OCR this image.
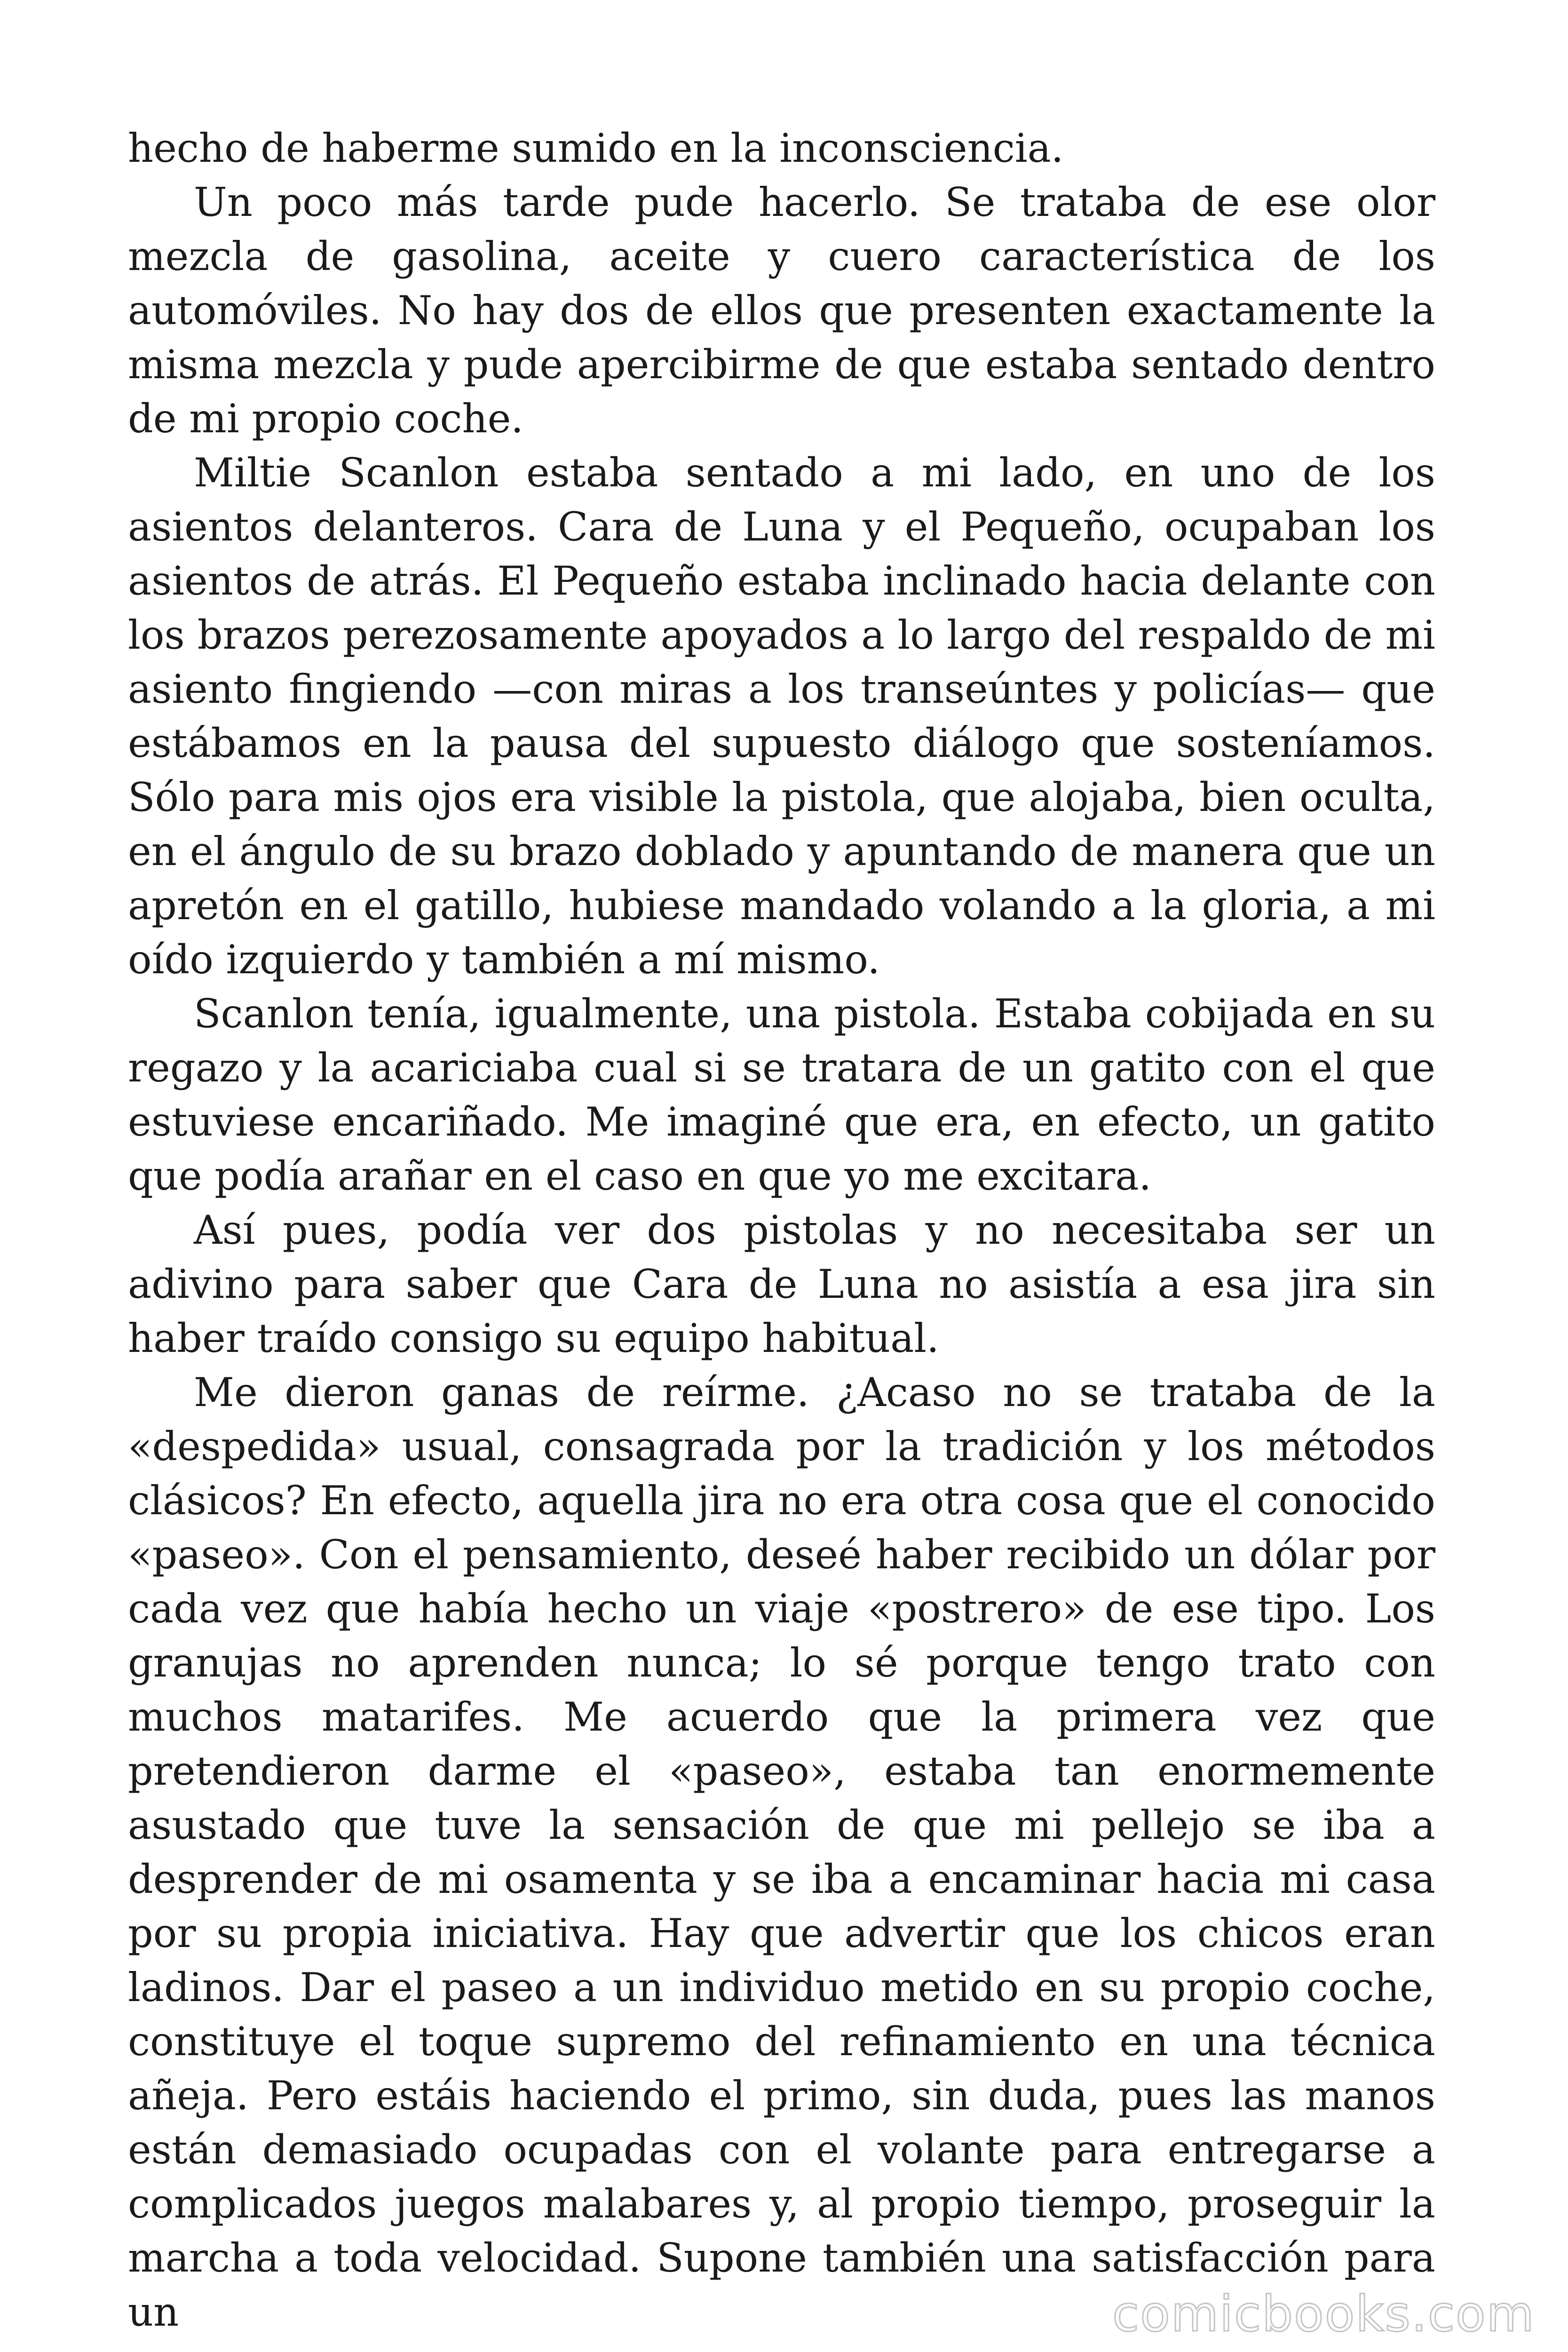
hecho de haberme sumido en la inconsciencia.

Un poco más tarde pude hacerlo. Se trataba de ese olor mezcla de gasolina, aceite y cuero característica de los automóviles. No hay dos de ellos que presenten exactamente la misma mezcla y pude apercibirme de que estaba sentado dentro de mi propio coche.

Miltie Scanlon estaba sentado a mi lado, en uno de los asientos delanteros. Cara de Luna y el Pequeño, ocupaban los asientos de atrás. El Pequeño estaba inclinado hacia delante con los brazos perezosamente apoyados a lo largo del respaldo de mi asiento fingiendo —con miras a los transeúntes y policías— que estábamos en la pausa del supuesto diálogo que sosteníamos. Sólo para mis ojos era visible la pistola, que alojaba, bien oculta, en el ángulo de su brazo doblado y apuntando de manera que un apretón en el gatillo, hubiese mandado volando a la gloria, a mi oído izquierdo y también a mí mismo.

Scanlon tenía, igualmente, una pistola. Estaba cobijada en su regazo y la acariciaba cual si se tratara de un gatito con el que estuviese encariñado. Me imaginé que era, en efecto, un gatito que podía arañar en el caso en que yo me excitara.

Así pues, podía ver dos pistolas y no necesitaba ser un adivino para saber que Cara de Luna no asistía a esa jira sin haber traído consigo su equipo habitual.

Me dieron ganas de reírme. ¿Acaso no se trataba de la «despedida» usual, consagrada por la tradición y los métodos clásicos? En efecto, aquella jira no era otra cosa que el conocido «paseo». Con el pensamiento, deseé haber recibido un dólar por cada vez que había hecho un viaje «postrero» de ese tipo. Los granujas no aprenden nunca; lo sé porque tengo trato con muchos matarifes. Me acuerdo que la primera vez que pretendieron darme el «paseo», estaba tan enormemente asustado que tuve la sensación de que mi pellejo se iba a desprender de mi osamenta y se iba a encaminar hacia mi casa por su propia iniciativa. Hay que advertir que los chicos eran ladinos. Dar el paseo a un individuo metido en su propio coche, constituye el toque supremo del refinamiento en una técnica añeja. Pero estáis haciendo el primo, sin duda, pues las manos están demasiado ocupadas con el volante para entregarse a complicados juegos malabares y, al propio tiempo, proseguir la marcha a toda velocidad. Supone también una satisfacción para un	comicbooks.com
